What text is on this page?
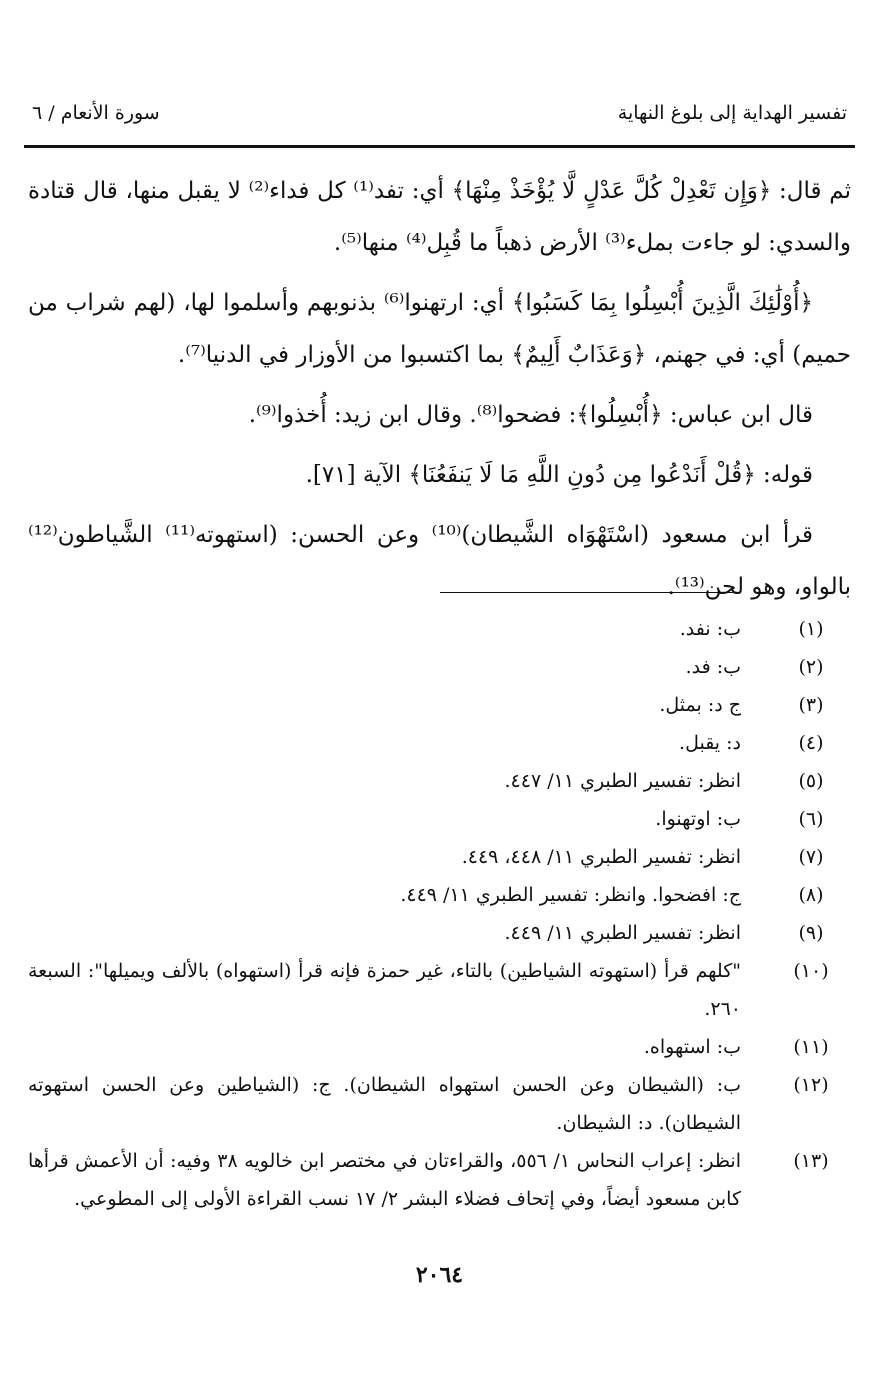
تفسير الهداية إلى بلوغ النهاية
سورة الأنعام / ٦

ثم قال: ﴿وَإِن تَعْدِلْ كُلَّ عَدْلٍ لَّا يُؤْخَذْ مِنْهَا﴾ أي: تفد⁽¹⁾ كل فداء⁽²⁾ لا يقبل منها، قال قتادة والسدي: لو جاءت بملء⁽³⁾ الأرض ذهباً ما قُبِل⁽⁴⁾ منها⁽⁵⁾.

﴿أُوْلَٰئِكَ الَّذِينَ أُبْسِلُوا بِمَا كَسَبُوا﴾ أي: ارتهنوا⁽⁶⁾ بذنوبهم وأسلموا لها، (لهم شراب من حميم) أي: في جهنم، ﴿وَعَذَابٌ أَلِيمٌ﴾ بما اكتسبوا من الأوزار في الدنيا⁽⁷⁾.

قال ابن عباس: ﴿أُبْسِلُوا﴾: فضحوا⁽⁸⁾. وقال ابن زيد: أُخذوا⁽⁹⁾.

قوله: ﴿قُلْ أَنَدْعُوا مِن دُونِ اللَّهِ مَا لَا يَنفَعُنَا﴾ الآية [٧١].

قرأ ابن مسعود (اسْتَهْوَاه الشَّيطان)⁽¹⁰⁾ وعن الحسن: (استهوته⁽¹¹⁾ الشَّياطون⁽¹²⁾ بالواو، وهو لحن⁽¹³⁾.

(١)
ب: نفد.
(٢)
ب: فد.
(٣)
ج د: بمثل.
(٤)
د: يقبل.
(٥)
انظر: تفسير الطبري ١١/ ٤٤٧.
(٦)
ب: اوتهنوا.
(٧)
انظر: تفسير الطبري ١١/ ٤٤٨، ٤٤٩.
(٨)
ج: افضحوا. وانظر: تفسير الطبري ١١/ ٤٤٩.
(٩)
انظر: تفسير الطبري ١١/ ٤٤٩.
(١٠)
"كلهم قرأ (استهوته الشياطين) بالتاء، غير حمزة فإنه قرأ (استهواه) بالألف ويميلها": السبعة ٢٦٠.
(١١)
ب: استهواه.
(١٢)
ب: (الشيطان وعن الحسن استهواه الشيطان). ج: (الشياطين وعن الحسن استهوته الشيطان). د: الشيطان.
(١٣)
انظر: إعراب النحاس ١/ ٥٥٦، والقراءتان في مختصر ابن خالويه ٣٨ وفيه: أن الأعمش قرأها كابن مسعود أيضاً، وفي إتحاف فضلاء البشر ٢/ ١٧ نسب القراءة الأولى إلى المطوعي.
٢٠٦٤
